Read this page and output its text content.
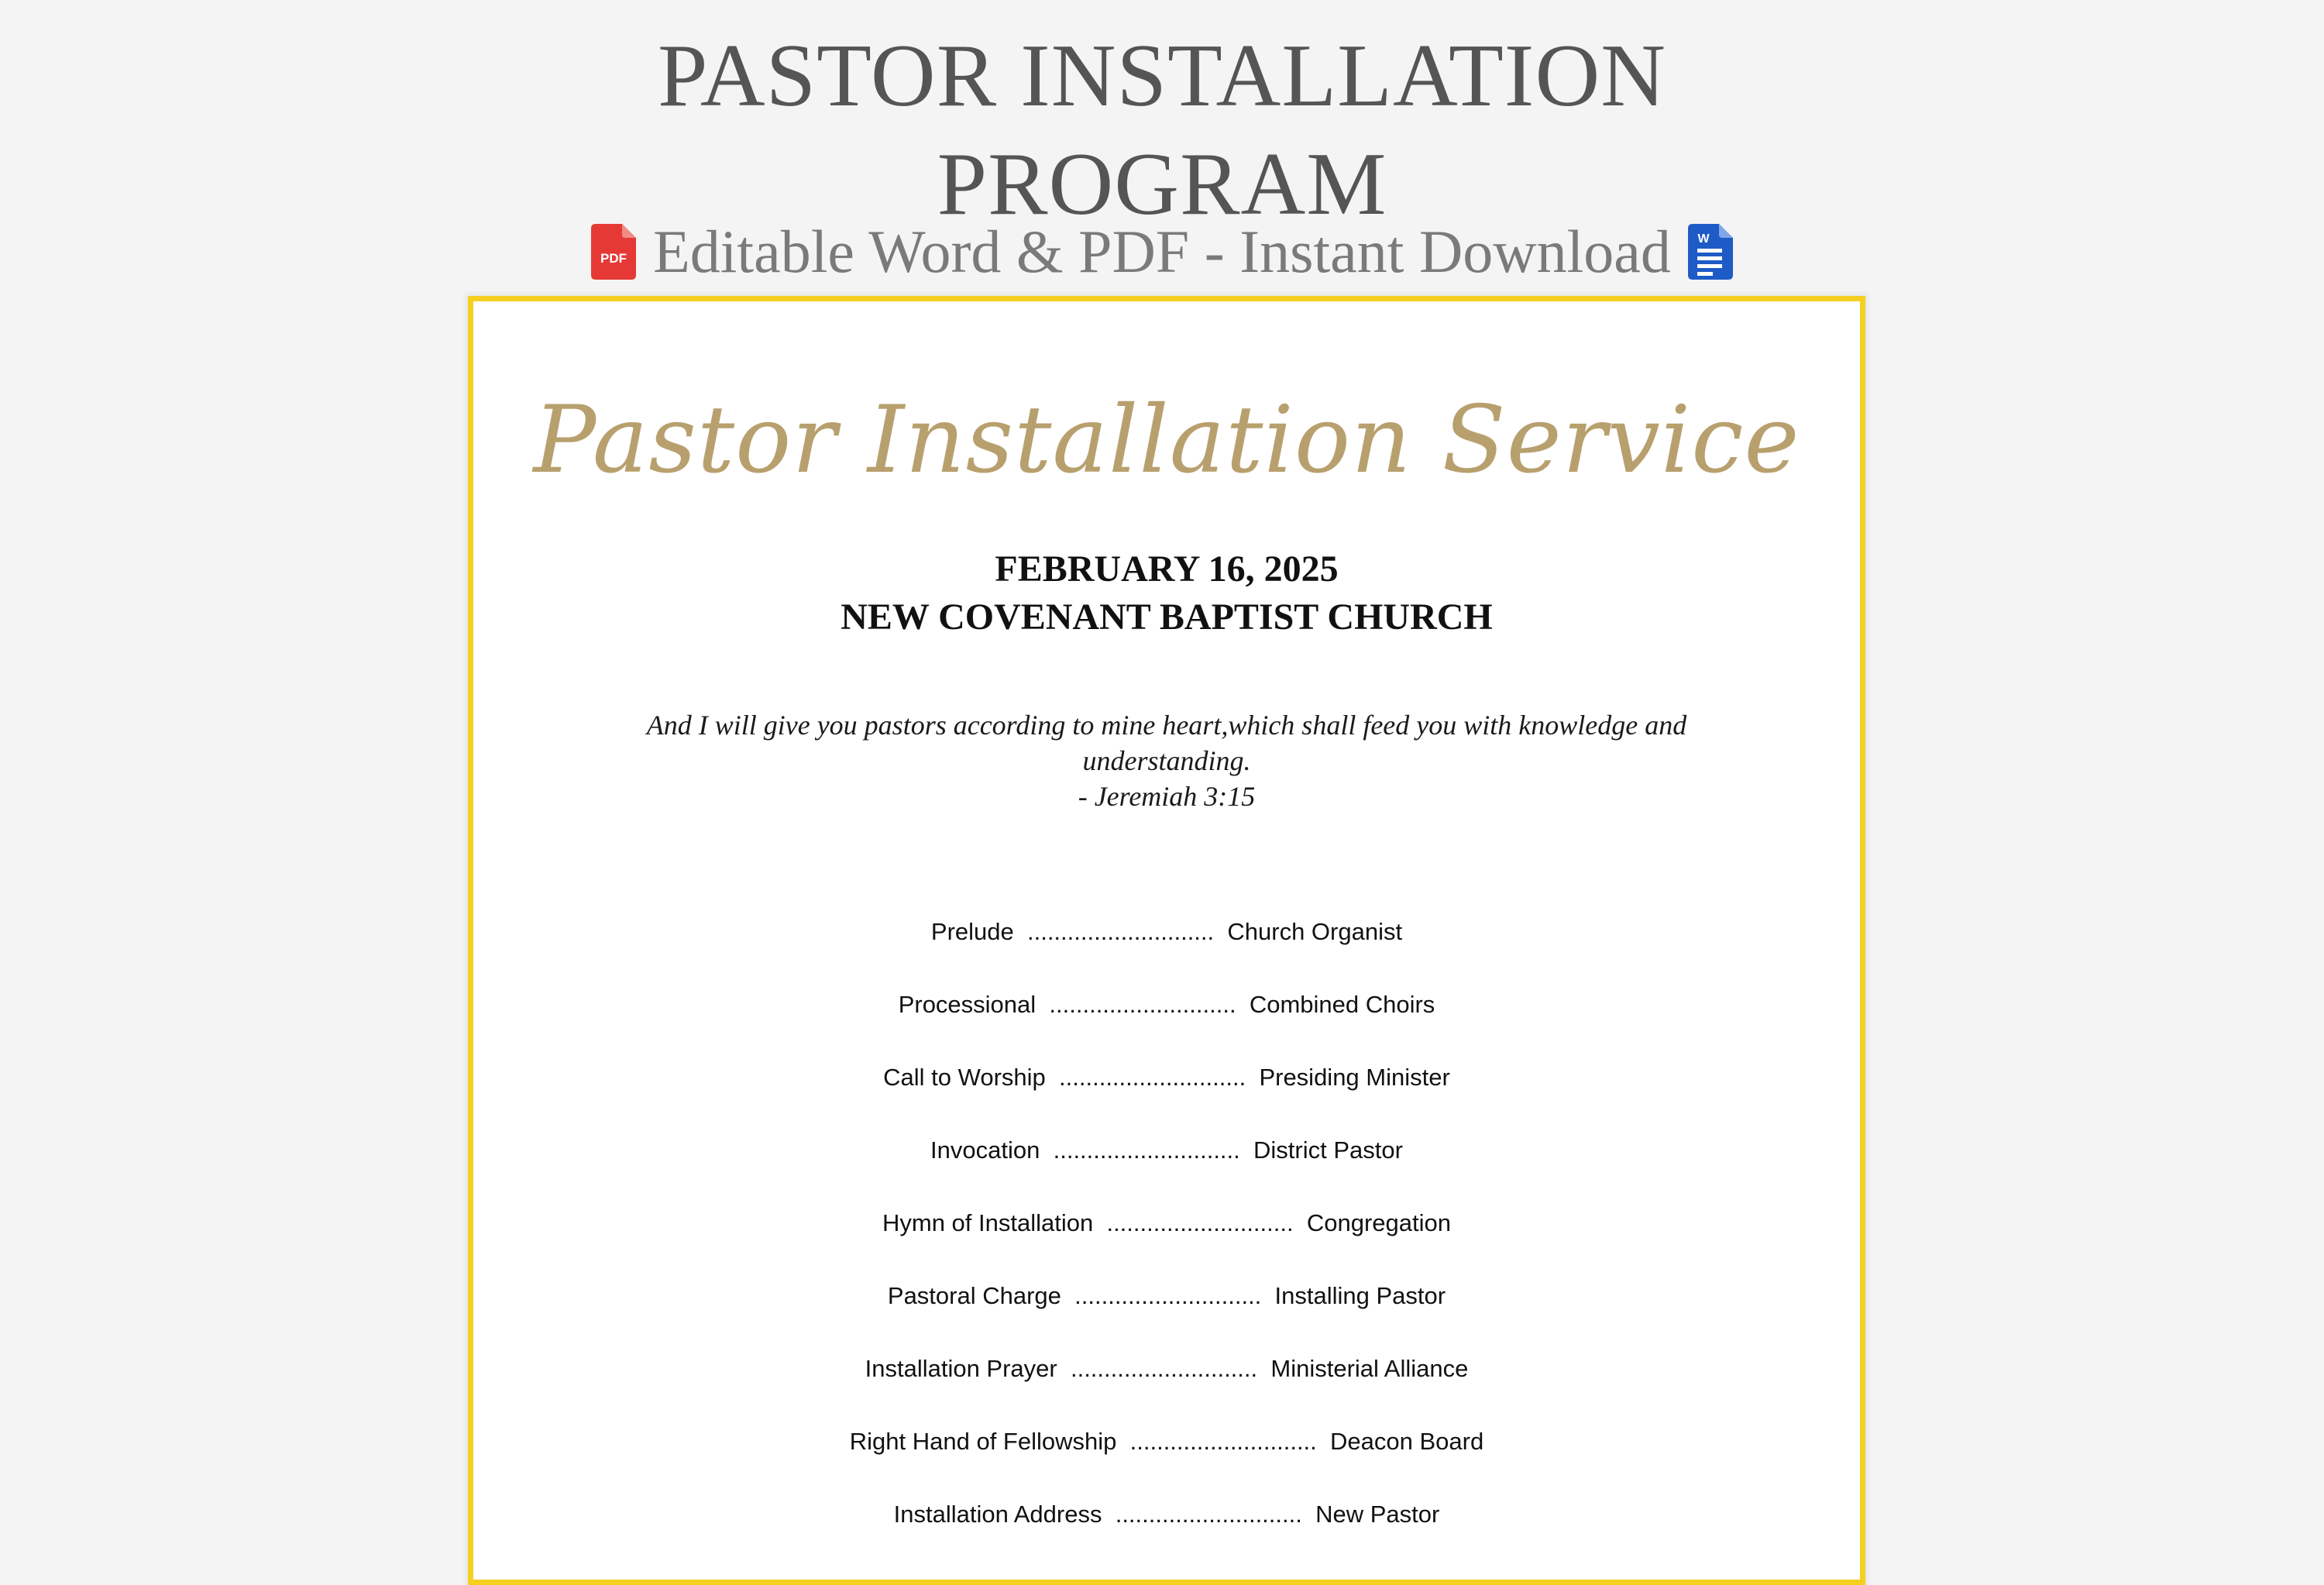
PASTOR INSTALLATION
PROGRAM
PDF Editable Word & PDF - Instant Download W
Pastor Installation Service
FEBRUARY 16, 2025
NEW COVENANT BAPTIST CHURCH
And I will give you pastors according to mine heart,which shall feed you with knowledge and
understanding.
- Jeremiah 3:15
Prelude ............................ Church Organist
Processional ............................ Combined Choirs
Call to Worship ............................ Presiding Minister
Invocation ............................ District Pastor
Hymn of Installation ............................ Congregation
Pastoral Charge ............................ Installing Pastor
Installation Prayer ............................ Ministerial Alliance
Right Hand of Fellowship ............................ Deacon Board
Installation Address ............................ New Pastor
